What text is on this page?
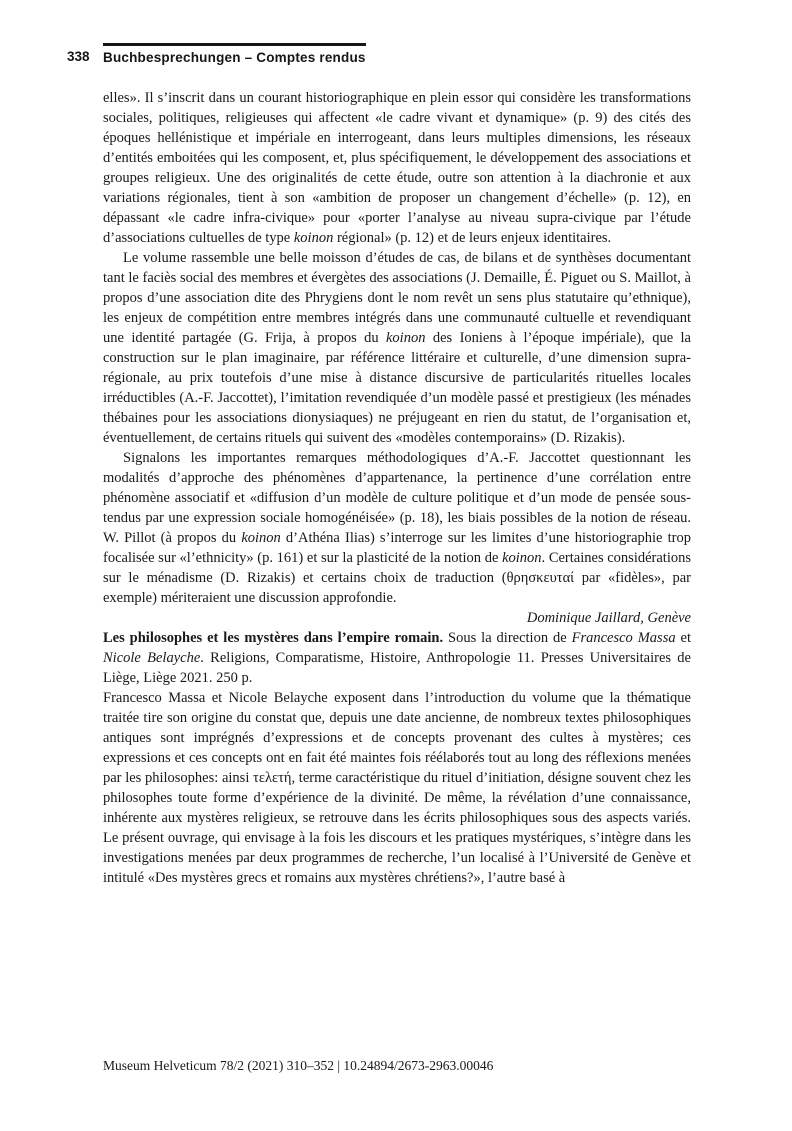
338 Buchbesprechungen – Comptes rendus

elles». Il s’inscrit dans un courant historiographique en plein essor qui considère les transformations sociales, politiques, religieuses qui affectent «le cadre vivant et dynamique» (p. 9) des cités des époques hellénistique et impériale en interrogeant, dans leurs multiples dimensions, les réseaux d’entités emboitées qui les composent, et, plus spécifiquement, le développement des associations et groupes religieux. Une des originalités de cette étude, outre son attention à la diachronie et aux variations régionales, tient à son «ambition de proposer un changement d’échelle» (p. 12), en dépassant «le cadre infra-civique» pour «porter l’analyse au niveau supra-civique par l’étude d’associations cultuelles de type koinon régional» (p. 12) et de leurs enjeux identitaires.

Le volume rassemble une belle moisson d’études de cas, de bilans et de synthèses documentant tant le faciès social des membres et évergètes des associations (J. Demaille, É. Piguet ou S. Maillot, à propos d’une association dite des Phrygiens dont le nom revêt un sens plus statutaire qu’ethnique), les enjeux de compétition entre membres intégrés dans une communauté cultuelle et revendiquant une identité partagée (G. Frija, à propos du koinon des Ioniens à l’époque impériale), que la construction sur le plan imaginaire, par référence littéraire et culturelle, d’une dimension supra-régionale, au prix toutefois d’une mise à distance discursive de particularités rituelles locales irréductibles (A.-F. Jaccottet), l’imitation revendiquée d’un modèle passé et prestigieux (les ménades thébaines pour les associations dionysiaques) ne préjugeant en rien du statut, de l’organisation et, éventuellement, de certains rituels qui suivent des «modèles contemporains» (D. Rizakis).

Signalons les importantes remarques méthodologiques d’A.-F. Jaccottet questionnant les modalités d’approche des phénomènes d’appartenance, la pertinence d’une corrélation entre phénomène associatif et «diffusion d’un modèle de culture politique et d’un mode de pensée sous-tendus par une expression sociale homogénéisée» (p. 18), les biais possibles de la notion de réseau. W. Pillot (à propos du koinon d’Athéna Ilias) s’interroge sur les limites d’une historiographie trop focalisée sur «l’ethnicity» (p. 161) et sur la plasticité de la notion de koinon. Certaines considérations sur le ménadisme (D. Rizakis) et certains choix de traduction (θρησκευταί par «fidèles», par exemple) mériteraient une discussion approfondie.

Dominique Jaillard, Genève

Les philosophes et les mystères dans l’empire romain. Sous la direction de Francesco Massa et Nicole Belayche. Religions, Comparatisme, Histoire, Anthropologie 11. Presses Universitaires de Liège, Liège 2021. 250 p.

Francesco Massa et Nicole Belayche exposent dans l’introduction du volume que la thématique traitée tire son origine du constat que, depuis une date ancienne, de nombreux textes philosophiques antiques sont imprégnés d’expressions et de concepts provenant des cultes à mystères; ces expressions et ces concepts ont en fait été maintes fois réélaborés tout au long des réflexions menées par les philosophes: ainsi τελετή, terme caractéristique du rituel d’initiation, désigne souvent chez les philosophes toute forme d’expérience de la divinité. De même, la révélation d’une connaissance, inhérente aux mystères religieux, se retrouve dans les écrits philosophiques sous des aspects variés. Le présent ouvrage, qui envisage à la fois les discours et les pratiques mystériques, s’intègre dans les investigations menées par deux programmes de recherche, l’un localisé à l’Université de Genève et intitulé «Des mystères grecs et romains aux mystères chrétiens?», l’autre basé à

Museum Helveticum 78/2 (2021) 310–352 | 10.24894/2673-2963.00046
